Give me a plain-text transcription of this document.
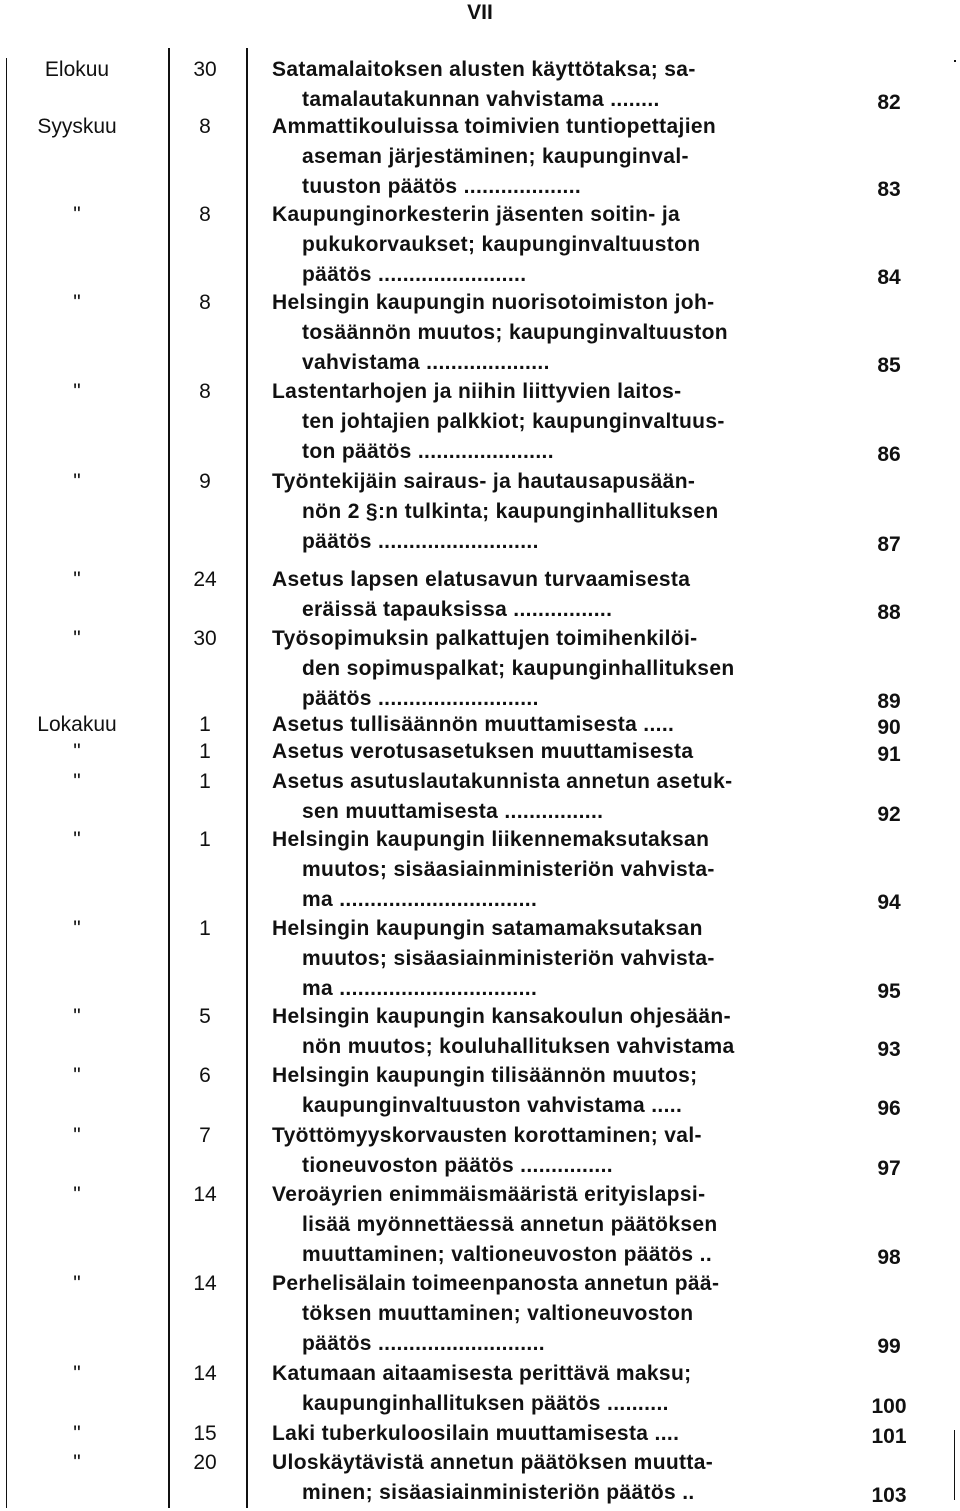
VII
Elokuu	30	Satamalaitoksen alusten käyttötaksa; sa-
tamalautakunnan vahvistama ........	82
Syyskuu	8	Ammattikouluissa toimivien tuntiopettajien
aseman järjestäminen; kaupunginval-
tuuston päätös ...................	83
"	8	Kaupunginorkesterin jäsenten soitin- ja
pukukorvaukset; kaupunginvaltuuston
päätös ........................	84
"	8	Helsingin kaupungin nuorisotoimiston joh-
tosäännön muutos; kaupunginvaltuuston
vahvistama ....................	85
"	8	Lastentarhojen ja niihin liittyvien laitos-
ten johtajien palkkiot; kaupunginvaltuus-
ton päätös ......................	86
"	9	Työntekijäin sairaus- ja hautausapusään-
nön 2 §:n tulkinta; kaupunginhallituksen
päätös ..........................	87
"	24	Asetus lapsen elatusavun turvaamisesta
eräissä tapauksissa ................	88
"	30	Työsopimuksin palkattujen toimihenkilöi-
den sopimuspalkat; kaupunginhallituksen
päätös ..........................	89
Lokakuu	1	Asetus tullisäännön muuttamisesta .....	90
"	1	Asetus verotusasetuksen muuttamisesta	91
"	1	Asetus asutuslautakunnista annetun asetuk-
sen muuttamisesta ................	92
"	1	Helsingin kaupungin liikennemaksutaksan
muutos; sisäasiainministeriön vahvista-
ma ................................	94
"	1	Helsingin kaupungin satamamaksutaksan
muutos; sisäasiainministeriön vahvista-
ma ................................	95
"	5	Helsingin kaupungin kansakoulun ohjesään-
nön muutos; kouluhallituksen vahvistama	93
"	6	Helsingin kaupungin tilisäännön muutos;
kaupunginvaltuuston vahvistama .....	96
"	7	Työttömyyskorvausten korottaminen; val-
tioneuvoston päätös ...............	97
"	14	Veroäyrien enimmäismääristä erityislapsi-
lisää myönnettäessä annetun päätöksen
muuttaminen; valtioneuvoston päätös ..	98
"	14	Perhelisälain toimeenpanosta annetun pää-
töksen muuttaminen; valtioneuvoston
päätös ...........................	99
"	14	Katumaan aitaamisesta perittävä maksu;
kaupunginhallituksen päätös ..........	100
"	15	Laki tuberkuloosilain muuttamisesta ....	101
"	20	Uloskäytävistä annetun päätöksen muutta-
minen; sisäasiainministeriön päätös ..	103
